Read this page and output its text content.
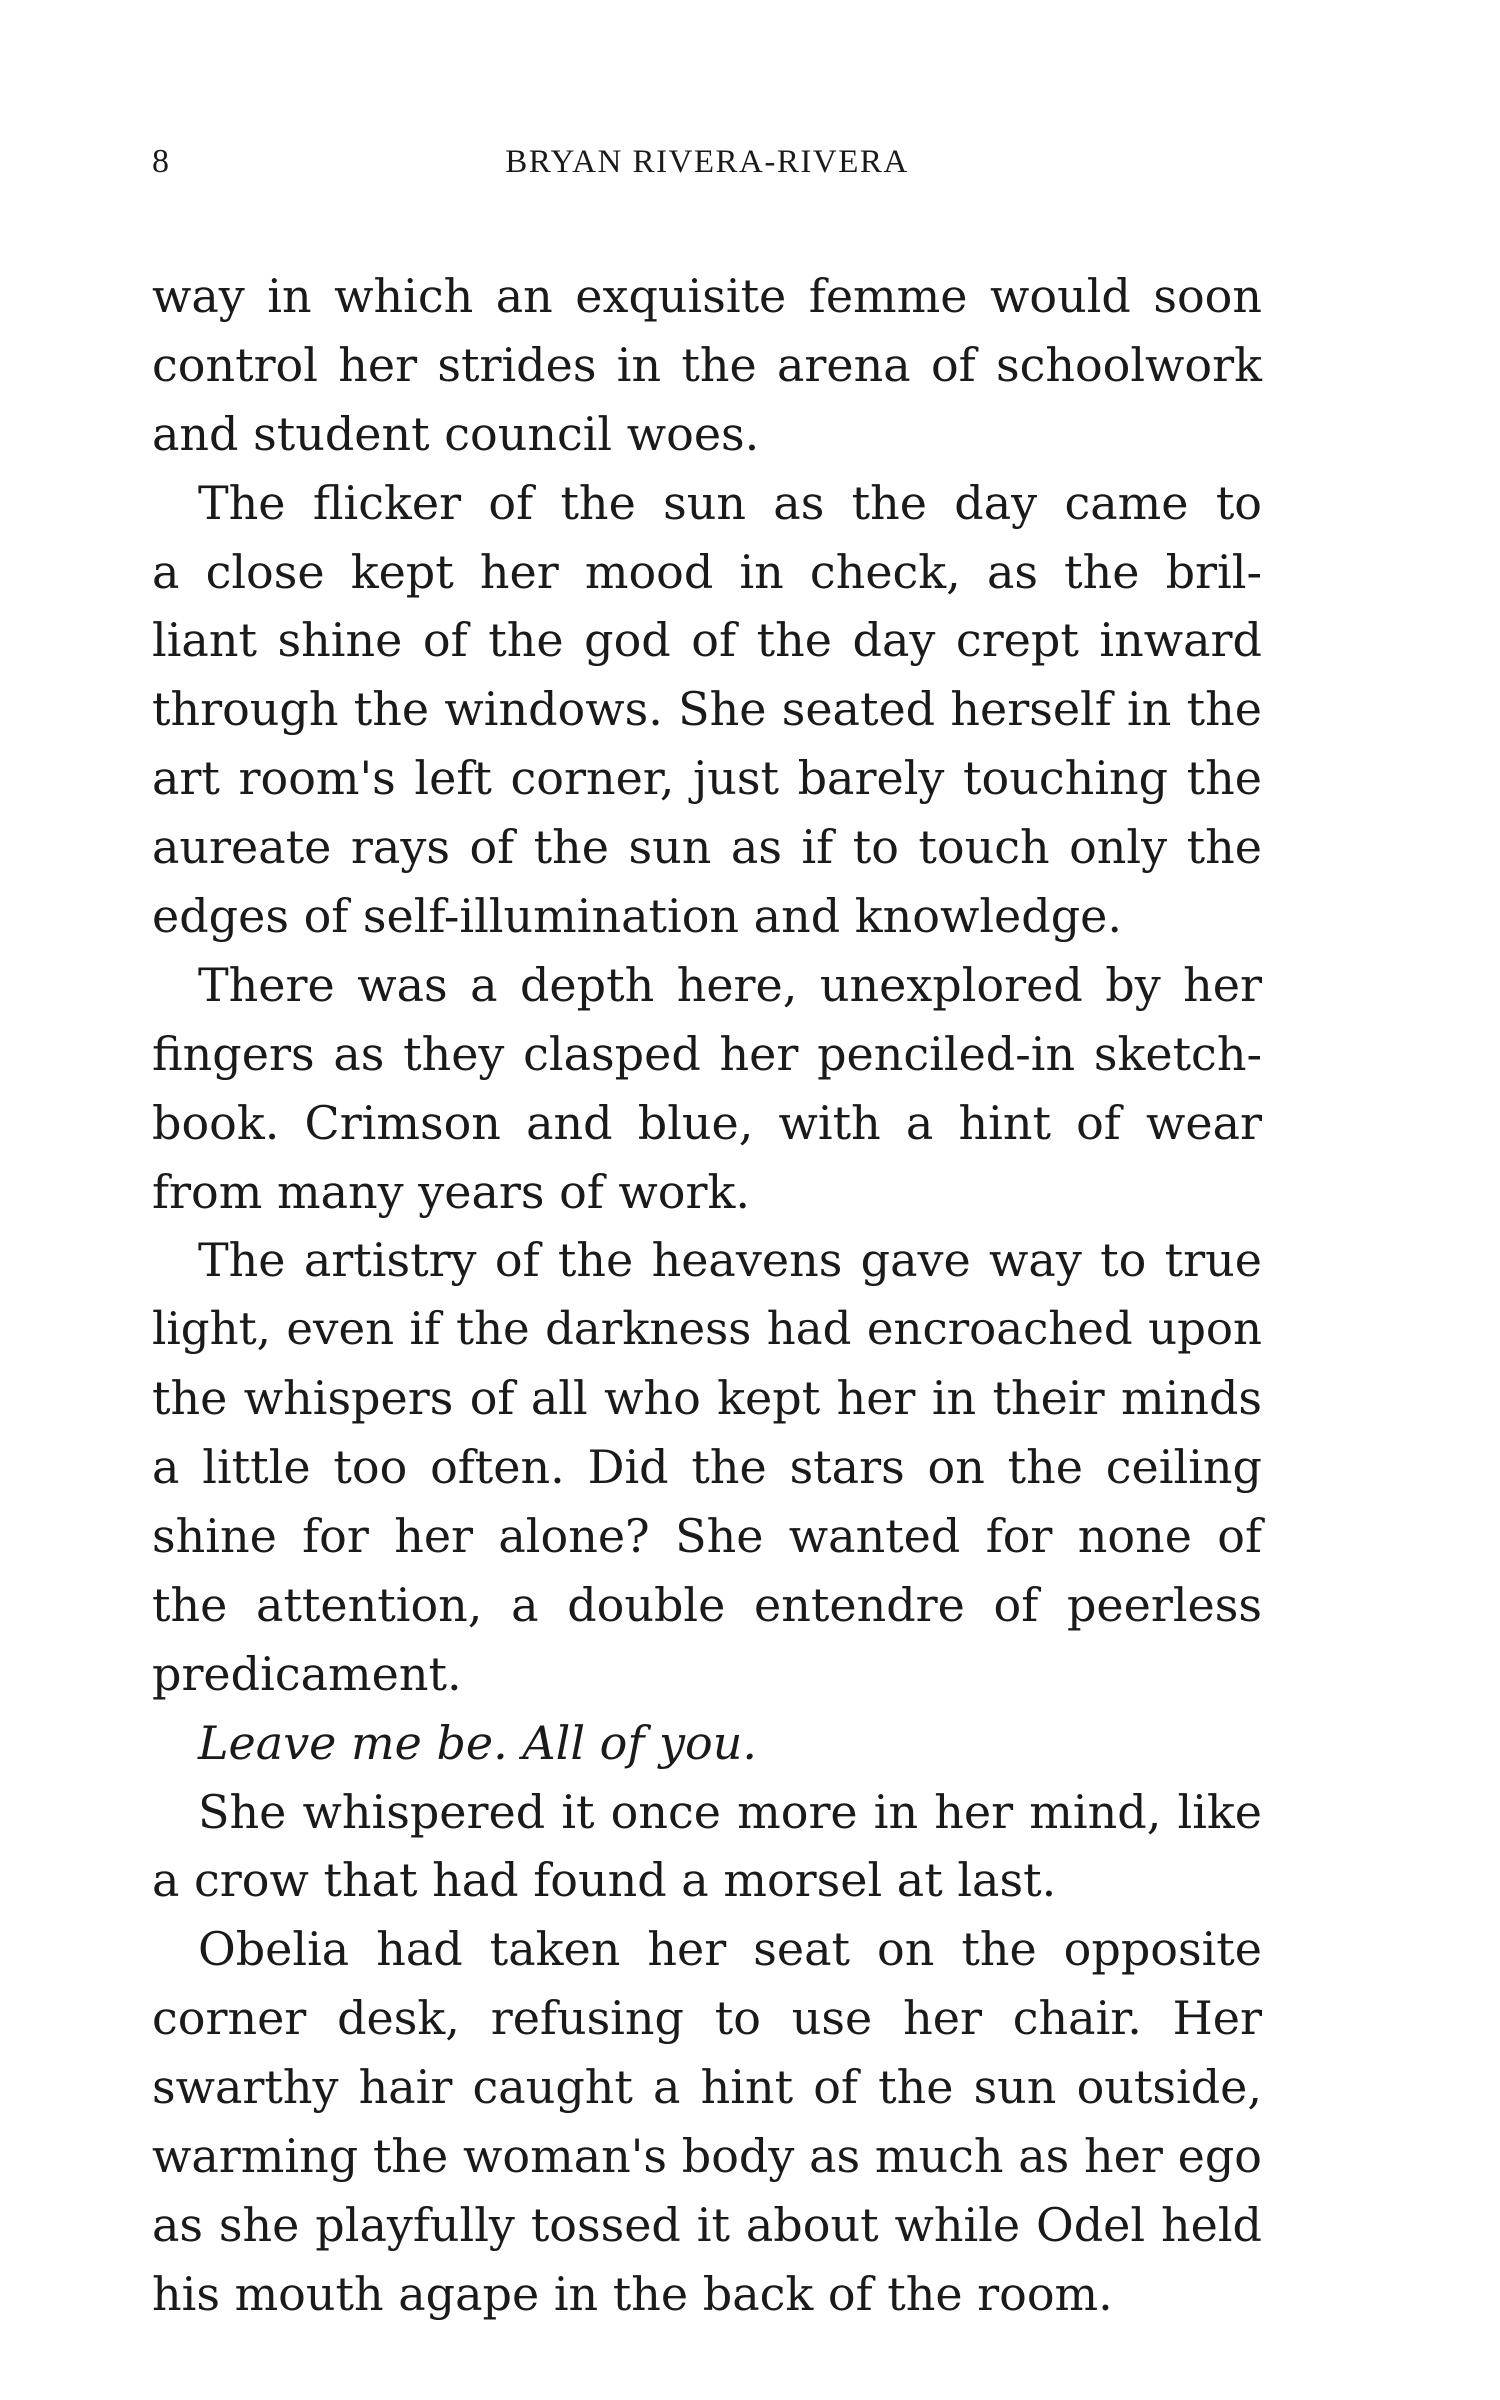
8	BRYAN RIVERA-RIVERA
way in which an exquisite femme would soon
control her strides in the arena of schoolwork
and student council woes.
The flicker of the sun as the day came to
a close kept her mood in check, as the bril-
liant shine of the god of the day crept inward
through the windows. She seated herself in the
art room's left corner, just barely touching the
aureate rays of the sun as if to touch only the
edges of self-illumination and knowledge.
There was a depth here, unexplored by her
fingers as they clasped her penciled-in sketch-
book. Crimson and blue, with a hint of wear
from many years of work.
The artistry of the heavens gave way to true
light, even if the darkness had encroached upon
the whispers of all who kept her in their minds
a little too often. Did the stars on the ceiling
shine for her alone? She wanted for none of
the attention, a double entendre of peerless
predicament.
Leave me be. All of you.
She whispered it once more in her mind, like
a crow that had found a morsel at last.
Obelia had taken her seat on the opposite
corner desk, refusing to use her chair. Her
swarthy hair caught a hint of the sun outside,
warming the woman's body as much as her ego
as she playfully tossed it about while Odel held
his mouth agape in the back of the room.
